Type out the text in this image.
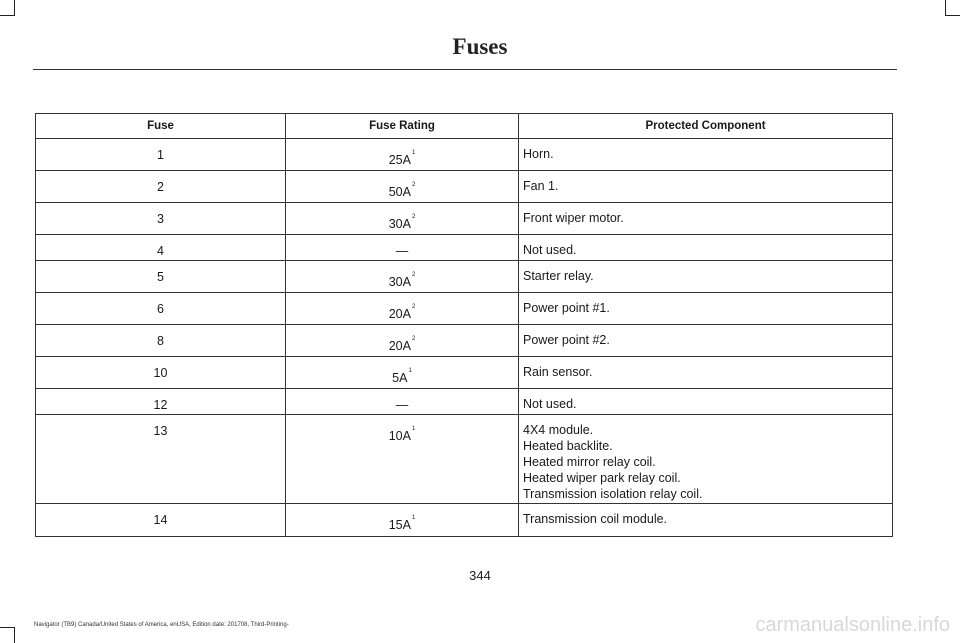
Fuses
Fuse	Fuse Rating	Protected Component
1	$25A^1$	Horn.

2	$50A^2$	Fan 1.

3	$30A^2$	Front wiper motor.

4	—	Not used.

5	$30A^2$	Starter relay.

6	$20A^2$	Power point #1.

8	$20A^2$	Power point #2.

10	$5A^1$	Rain sensor.

12	—	Not used.

13	$10A^1$	4X4 module.
Heated backlite.
Heated mirror relay coil.
Heated wiper park relay coil.
Transmission isolation relay coil.

14	$15A^1$	Transmission coil module.
344
Navigator (TB9) Canada/United States of America, enUSA, Edition date: 201708, Third-Printing-	carmanualsonline.info
